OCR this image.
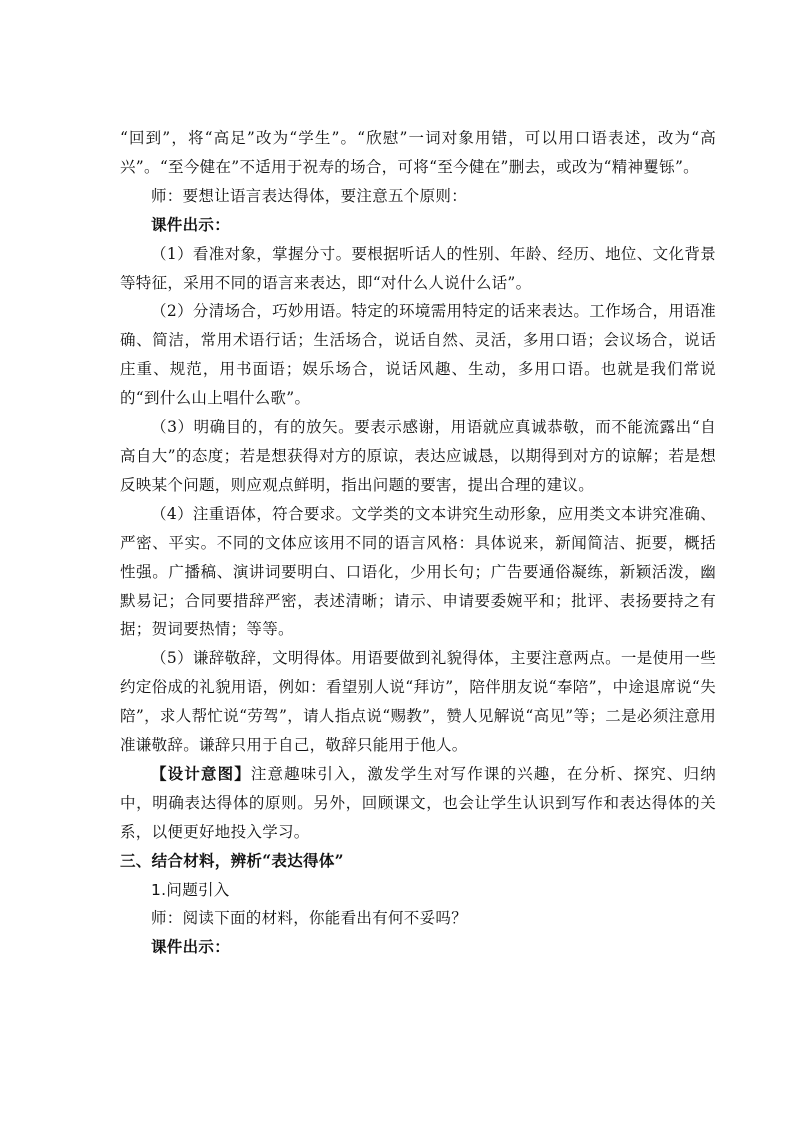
“回到”，将“高足”改为“学生”。“欣慰”一词对象用错，可以用口语表述，改为“高兴”。“至今健在”不适用于祝寿的场合，可将“至今健在”删去，或改为“精神矍铄”。

师：要想让语言表达得体，要注意五个原则：

课件出示：

（1）看准对象，掌握分寸。要根据听话人的性别、年龄、经历、地位、文化背景等特征，采用不同的语言来表达，即“对什么人说什么话”。

（2）分清场合，巧妙用语。特定的环境需用特定的话来表达。工作场合，用语准确、简洁，常用术语行话；生活场合，说话自然、灵活，多用口语；会议场合，说话庄重、规范，用书面语；娱乐场合，说话风趣、生动，多用口语。也就是我们常说的“到什么山上唱什么歌”。

（3）明确目的，有的放矢。要表示感谢，用语就应真诚恭敬，而不能流露出“自高自大”的态度；若是想获得对方的原谅，表达应诚恳，以期得到对方的谅解；若是想反映某个问题，则应观点鲜明，指出问题的要害，提出合理的建议。

（4）注重语体，符合要求。文学类的文本讲究生动形象，应用类文本讲究准确、严密、平实。不同的文体应该用不同的语言风格：具体说来，新闻简洁、扼要，概括性强。广播稿、演讲词要明白、口语化，少用长句；广告要通俗凝练，新颖活泼，幽默易记；合同要措辞严密，表述清晰；请示、申请要委婉平和；批评、表扬要持之有据；贺词要热情；等等。

（5）谦辞敬辞，文明得体。用语要做到礼貌得体，主要注意两点。一是使用一些约定俗成的礼貌用语，例如：看望别人说“拜访”，陪伴朋友说“奉陪”，中途退席说“失陪”，求人帮忙说“劳驾”，请人指点说“赐教”，赞人见解说“高见”等；二是必须注意用准谦敬辞。谦辞只用于自己，敬辞只能用于他人。

【设计意图】注意趣味引入，激发学生对写作课的兴趣，在分析、探究、归纳中，明确表达得体的原则。另外，回顾课文，也会让学生认识到写作和表达得体的关系，以便更好地投入学习。

三、结合材料，辨析“表达得体”

1.问题引入

师：阅读下面的材料，你能看出有何不妥吗？

课件出示：
